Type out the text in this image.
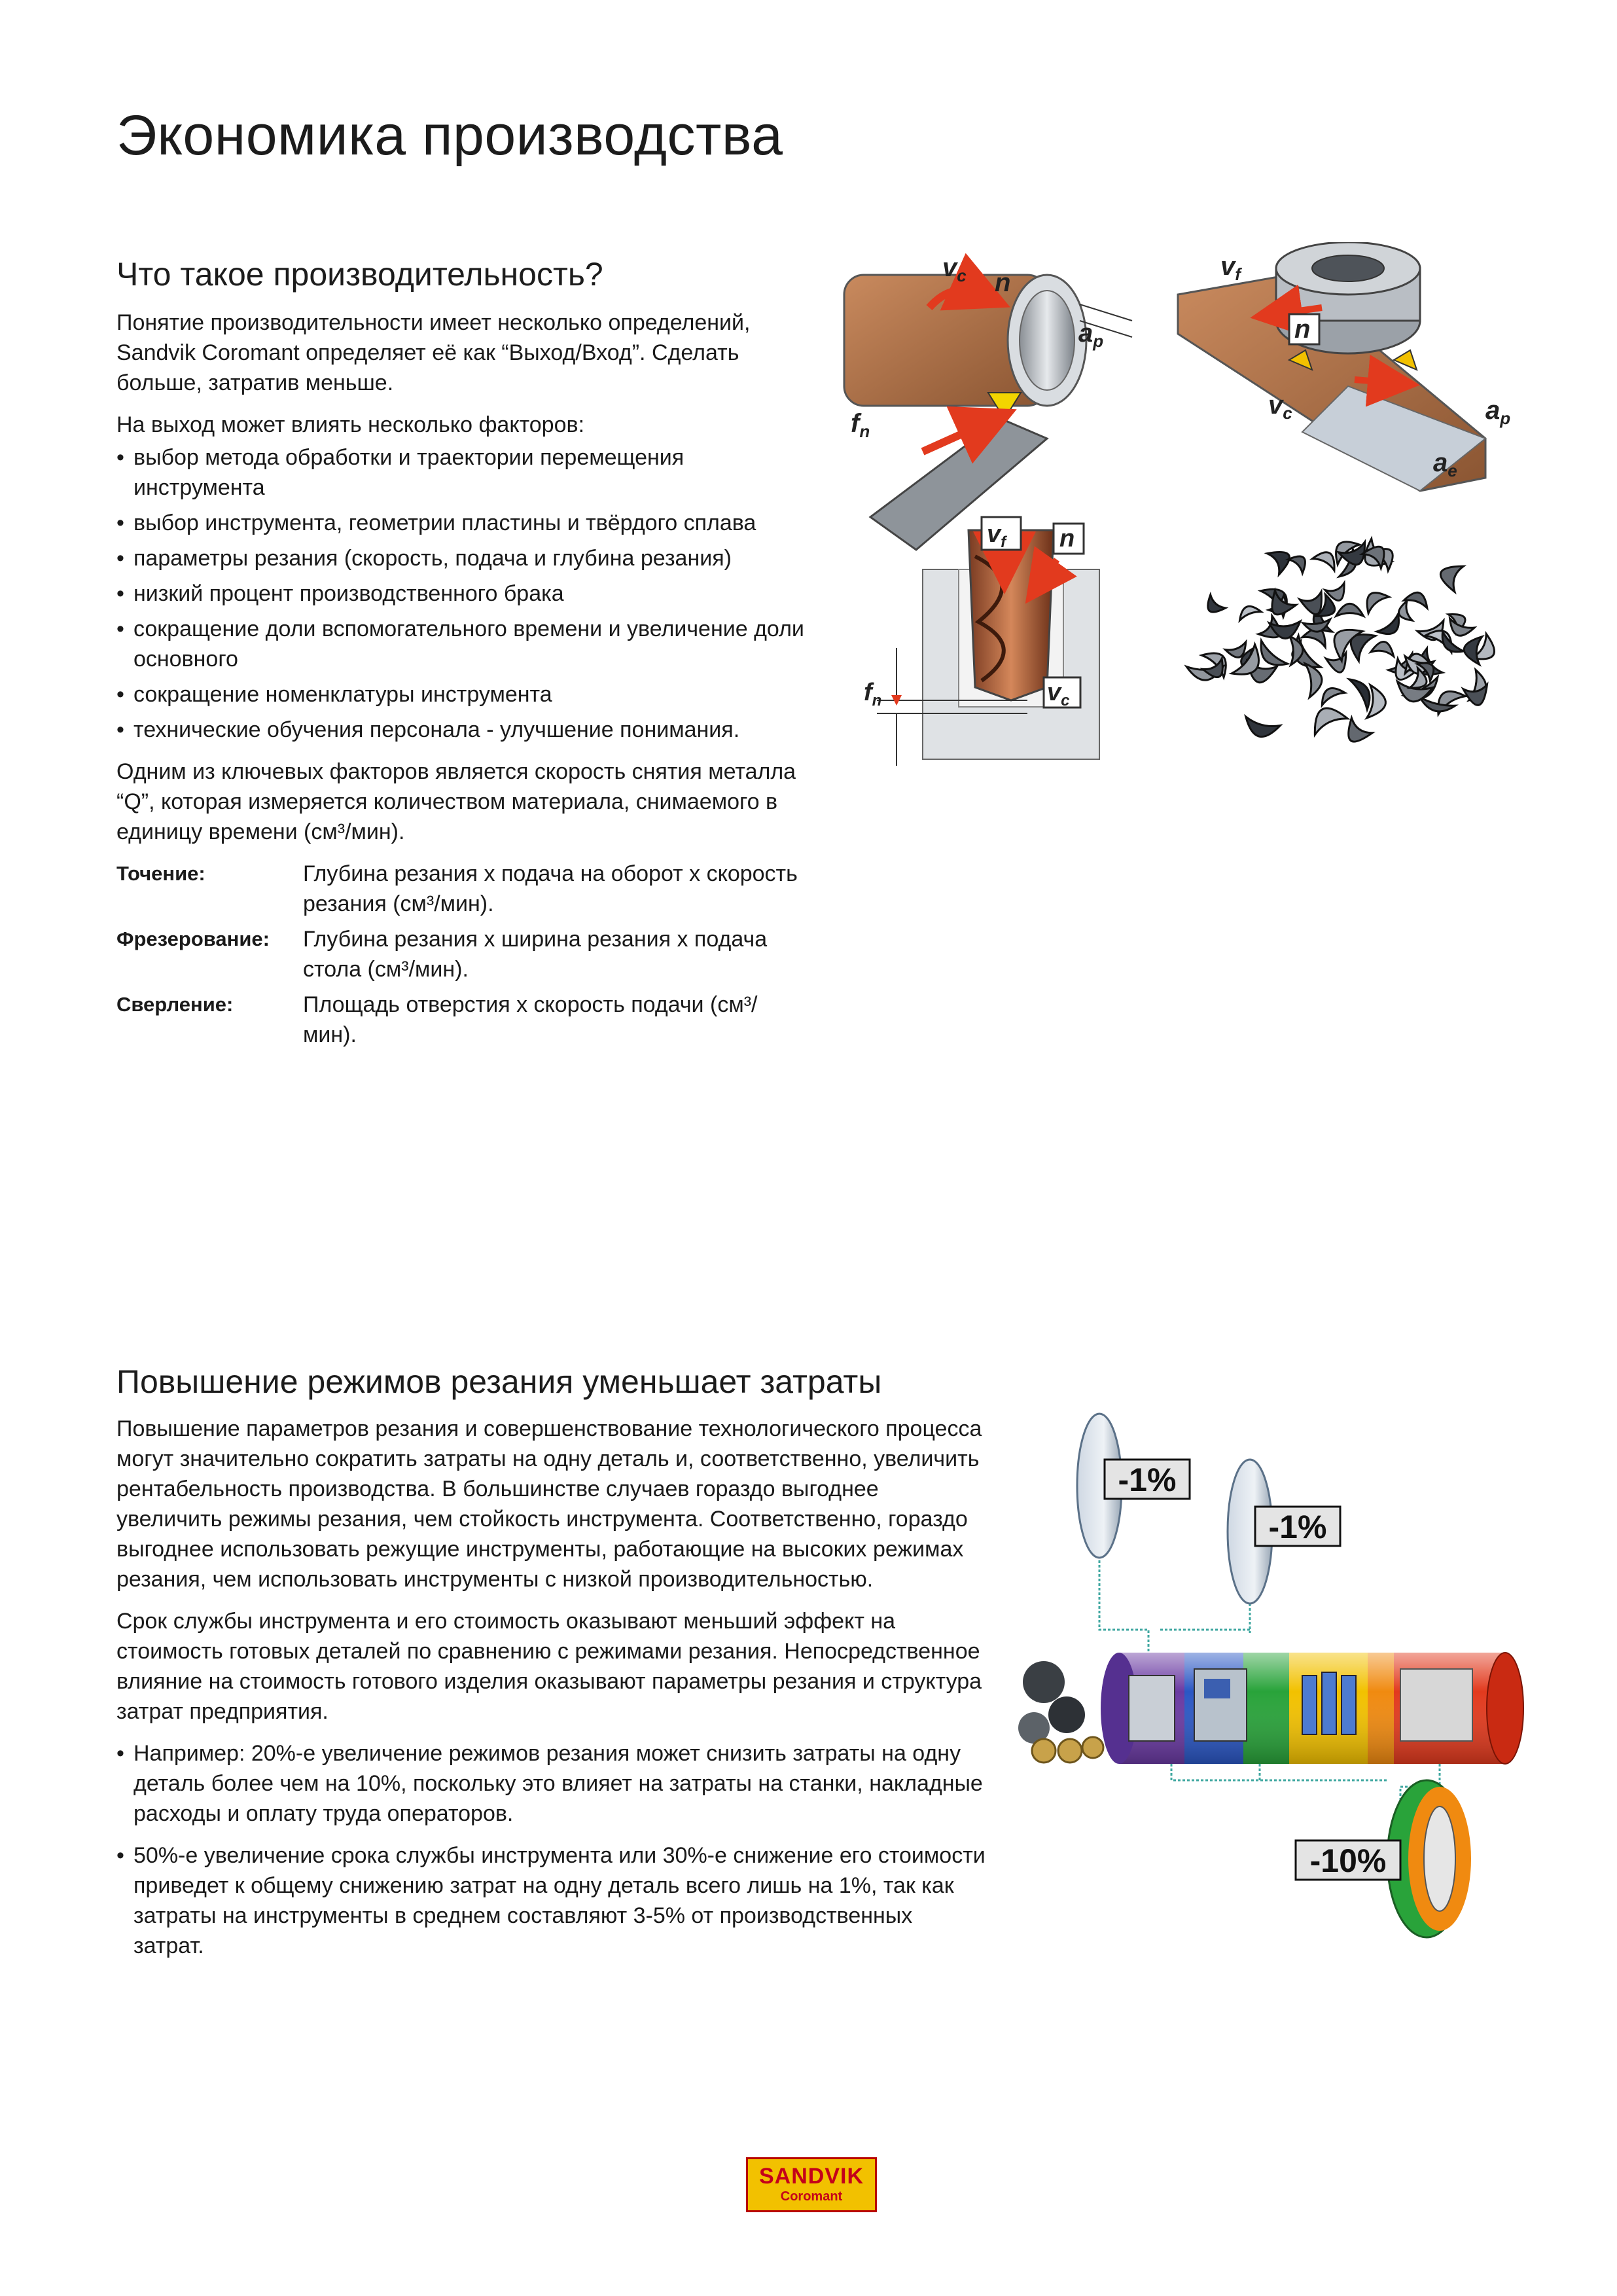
Экономика производства
Что такое производительность?

Понятие производительности имеет несколько определений, Sandvik Coromant определяет её как “Выход/Вход”. Сделать больше, затратив меньше.

На выход может влиять несколько факторов:

• выбор метода обработки и траектории перемещения инструмента
• выбор инструмента, геометрии пластины и твёрдого сплава
• параметры резания (скорость, подача и глубина резания)
• низкий процент производственного брака
• сокращение доли вспомогательного времени и увеличение доли основного
• сокращение номенклатуры инструмента
• технические обучения персонала - улучшение понимания.

Одним из ключевых факторов является скорость снятия металла “Q”, которая измеряется количеством материала, снимаемого в единицу времени (см³/мин).

Точение:	Глубина резания x подача на оборот x скорость резания (см³/мин).
Фрезерование:	Глубина резания x ширина резания x подача стола (см³/мин).
Сверление:	Площадь отверстия x скорость подачи (см³/мин).
$v_c$ n
$a_p$
$f_n$
$v_f$
n
$v_c$	$a_p$
$a_e$
$v_f$ n
$v_c$
$f_n$
Повышение режимов резания уменьшает затраты

Повышение параметров резания и совершенствование технологического процесса могут значительно сократить затраты на одну деталь и, соответственно, увеличить рентабельность производства. В большинстве случаев гораздо выгоднее увеличить режимы резания, чем стойкость инструмента. Соответственно, гораздо выгоднее использовать режущие инструменты, работающие на высоких режимах резания, чем использовать инструменты с низкой производительностью.

Срок службы инструмента и его стоимость оказывают меньший эффект на стоимость готовых деталей по сравнению с режимами резания. Непосредственное влияние на стоимость готового изделия оказывают параметры резания и структура затрат предприятия.

• Например: 20%-е увеличение режимов резания может снизить затраты на одну деталь более чем на 10%, поскольку это влияет на затраты на станки, накладные расходы и оплату труда операторов.
• 50%-е увеличение срока службы инструмента или 30%-е снижение его стоимости приведет к общему снижению затрат на одну деталь всего лишь на 1%, так как затраты на инструменты в среднем составляют 3-5% от производственных затрат.
-1%
-1%
-10%
SANDVIK
Coromant
